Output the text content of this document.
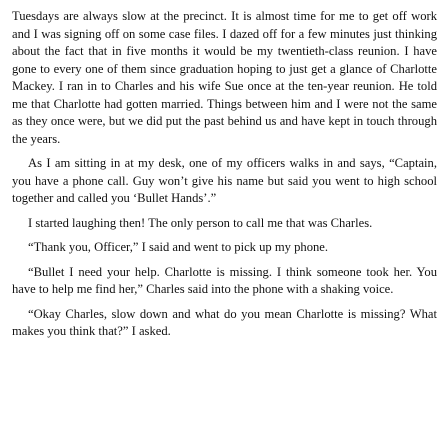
Tuesdays are always slow at the precinct. It is almost time for me to get off work and I was signing off on some case files. I dazed off for a few minutes just thinking about the fact that in five months it would be my twentieth-class reunion. I have gone to every one of them since graduation hoping to just get a glance of Charlotte Mackey. I ran in to Charles and his wife Sue once at the ten-year reunion. He told me that Charlotte had gotten married. Things between him and I were not the same as they once were, but we did put the past behind us and have kept in touch through the years.

As I am sitting in at my desk, one of my officers walks in and says, “Captain, you have a phone call. Guy won’t give his name but said you went to high school together and called you ‘Bullet Hands’.”

I started laughing then! The only person to call me that was Charles.

“Thank you, Officer,” I said and went to pick up my phone.

“Bullet I need your help. Charlotte is missing. I think someone took her. You have to help me find her,” Charles said into the phone with a shaking voice.

“Okay Charles, slow down and what do you mean Charlotte is missing? What makes you think that?” I asked.
